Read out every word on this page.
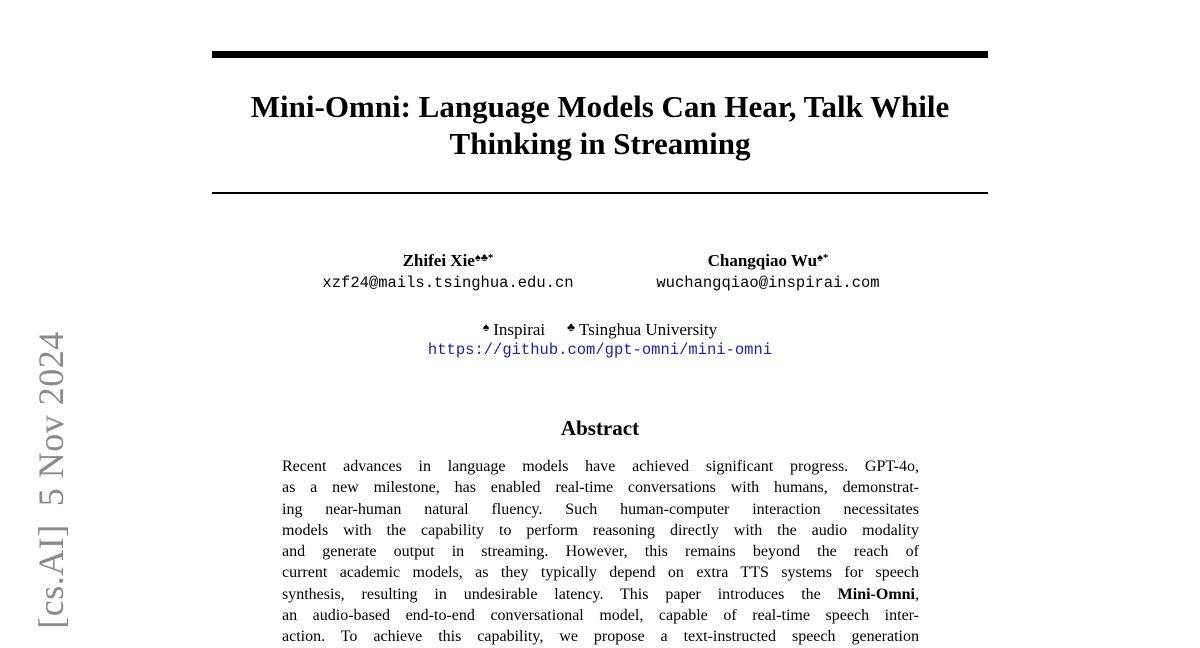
[cs.AI]5 Nov 2024
Mini-Omni: Language Models Can Hear, Talk While
Thinking in Streaming
Zhifei Xie♠♣*
xzf24@mails.tsinghua.edu.cn
Changqiao Wu♠*
wuchangqiao@inspirai.com
♠ Inspirai ♣ Tsinghua University
https://github.com/gpt-omni/mini-omni
Abstract
Recent advances in language models have achieved significant progress. GPT-4o,
as a new milestone, has enabled real-time conversations with humans, demonstrat-
ing near-human natural fluency. Such human-computer interaction necessitates
models with the capability to perform reasoning directly with the audio modality
and generate output in streaming. However, this remains beyond the reach of
current academic models, as they typically depend on extra TTS systems for speech
synthesis, resulting in undesirable latency. This paper introduces the Mini-Omni,
an audio-based end-to-end conversational model, capable of real-time speech inter-
action. To achieve this capability, we propose a text-instructed speech generation
